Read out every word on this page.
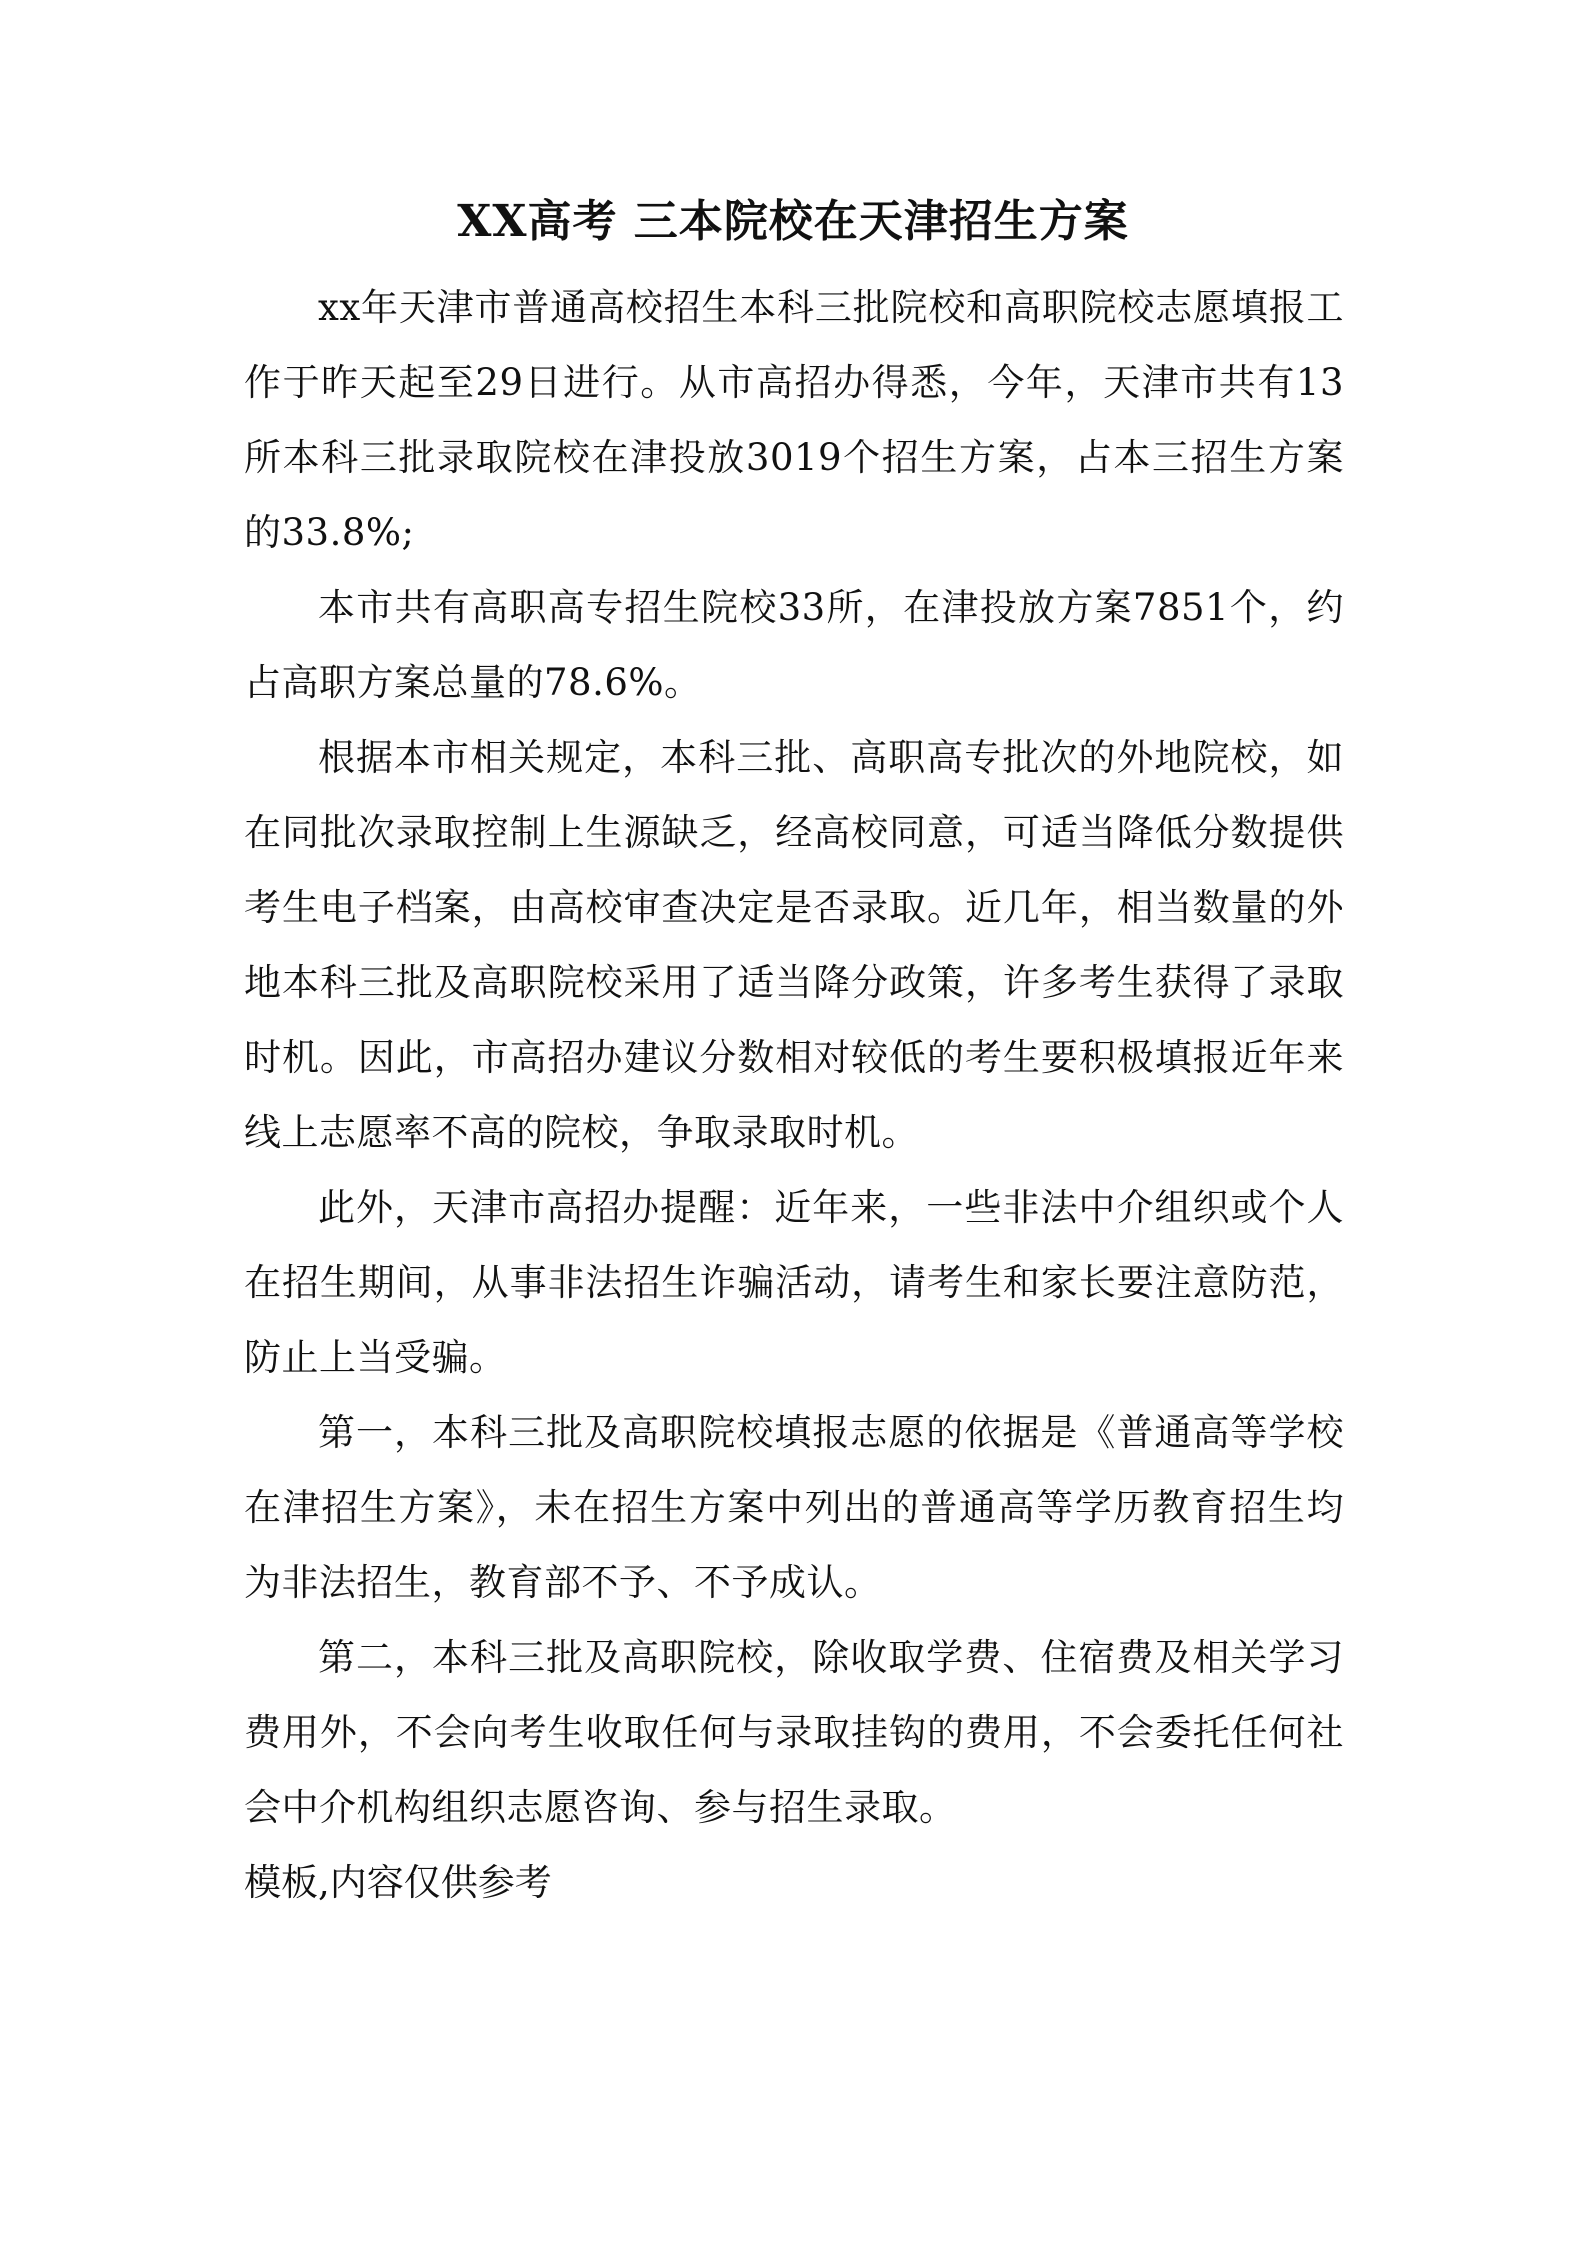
XX高考 三本院校在天津招生方案

xx年天津市普通高校招生本科三批院校和高职院校志愿填报工作于昨天起至29日进行。从市高招办得悉，今年，天津市共有13所本科三批录取院校在津投放3019个招生方案，占本三招生方案的33.8%;

本市共有高职高专招生院校33所，在津投放方案7851个，约占高职方案总量的78.6%。

根据本市相关规定，本科三批、高职高专批次的外地院校，如在同批次录取控制上生源缺乏，经高校同意，可适当降低分数提供考生电子档案，由高校审查决定是否录取。近几年，相当数量的外地本科三批及高职院校采用了适当降分政策，许多考生获得了录取时机。因此，市高招办建议分数相对较低的考生要积极填报近年来线上志愿率不高的院校，争取录取时机。

此外，天津市高招办提醒：近年来，一些非法中介组织或个人在招生期间，从事非法招生诈骗活动，请考生和家长要注意防范，防止上当受骗。

第一，本科三批及高职院校填报志愿的依据是《普通高等学校在津招生方案》，未在招生方案中列出的普通高等学历教育招生均为非法招生，教育部不予、不予成认。

第二，本科三批及高职院校，除收取学费、住宿费及相关学习费用外，不会向考生收取任何与录取挂钩的费用，不会委托任何社会中介机构组织志愿咨询、参与招生录取。

模板,内容仅供参考
